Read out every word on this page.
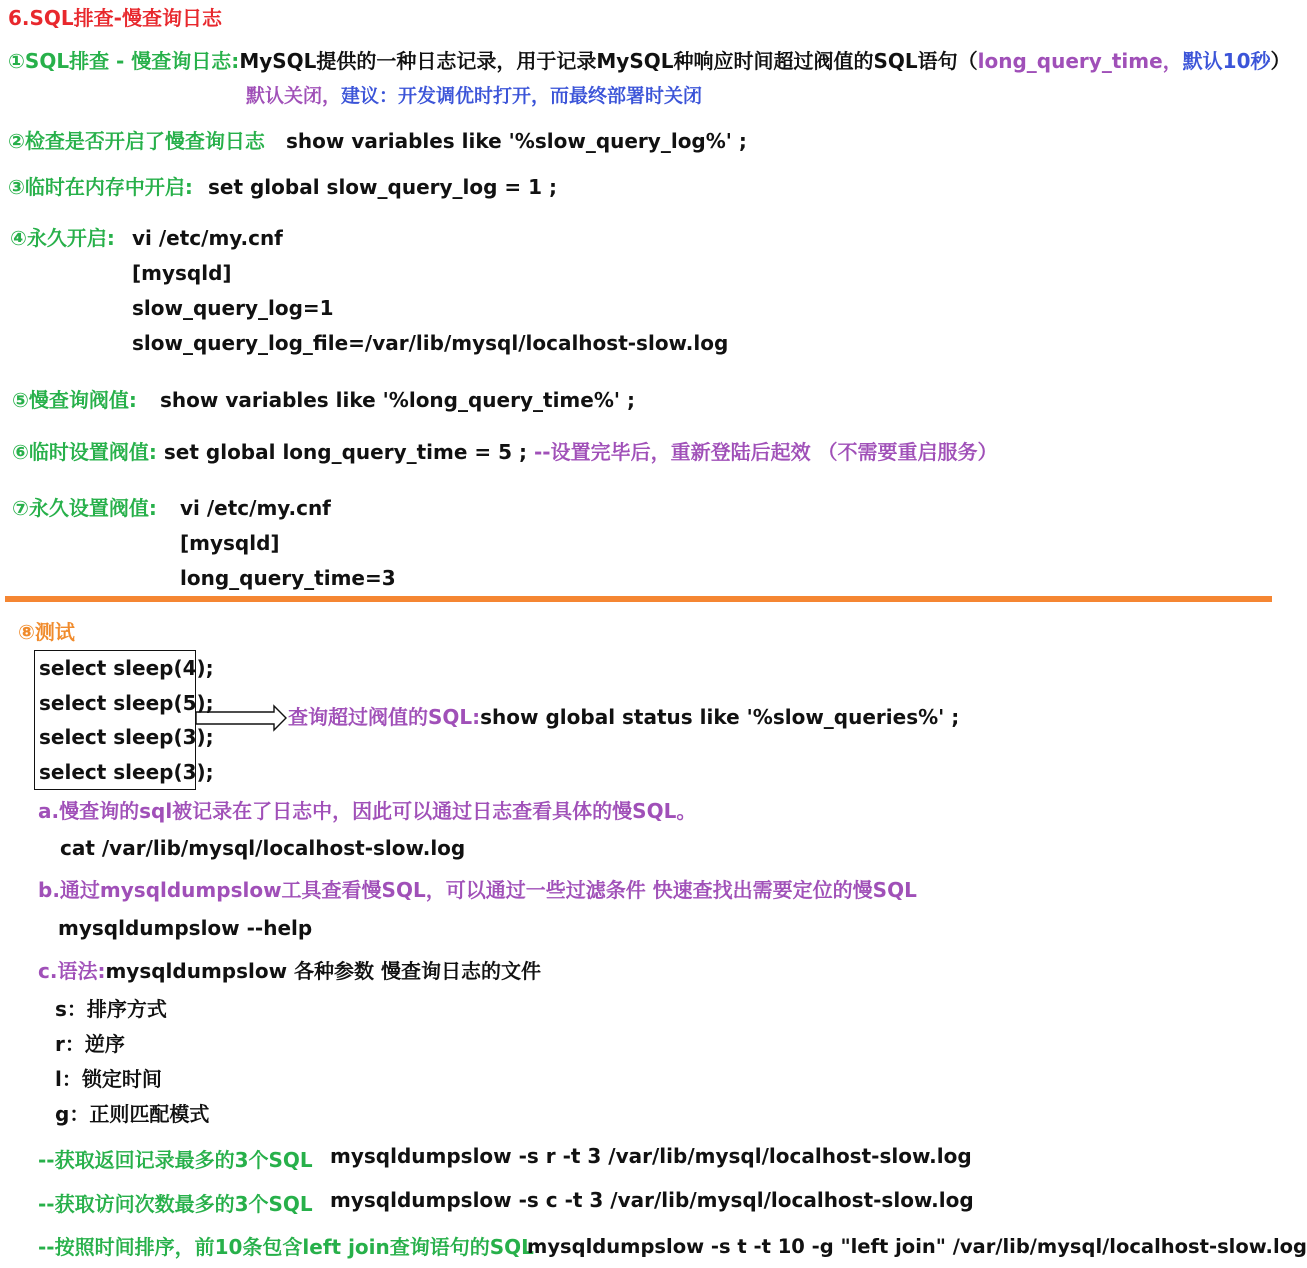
6.SQL排查-慢查询日志
①SQL排查 - 慢查询日志:MySQL提供的一种日志记录，用于记录MySQL种响应时间超过阀值的SQL语句（long_query_time，默认10秒）
默认关闭，建议：开发调优时打开，而最终部署时关闭
②检查是否开启了慢查询日志 show variables like '%slow_query_log%' ;
③临时在内存中开启: set global slow_query_log = 1 ;
④永久开启: vi /etc/my.cnf
[mysqld]
slow_query_log=1
slow_query_log_file=/var/lib/mysql/localhost-slow.log
⑤慢查询阀值: show variables like '%long_query_time%' ;
⑥临时设置阀值: set global long_query_time = 5 ; --设置完毕后，重新登陆后起效 （不需要重启服务）
⑦永久设置阀值: vi /etc/my.cnf
[mysqld]
long_query_time=3
⑧测试
select sleep(4);
select sleep(5);
select sleep(3);
select sleep(3);
查询超过阀值的SQL:show global status like '%slow_queries%' ;
a.慢查询的sql被记录在了日志中，因此可以通过日志查看具体的慢SQL。
cat /var/lib/mysql/localhost-slow.log
b.通过mysqldumpslow工具查看慢SQL，可以通过一些过滤条件 快速查找出需要定位的慢SQL
mysqldumpslow --help
c.语法:mysqldumpslow 各种参数 慢查询日志的文件
s：排序方式
r：逆序
l：锁定时间
g：正则匹配模式
--获取返回记录最多的3个SQL mysqldumpslow -s r -t 3 /var/lib/mysql/localhost-slow.log
--获取访问次数最多的3个SQL mysqldumpslow -s c -t 3 /var/lib/mysql/localhost-slow.log
--按照时间排序，前10条包含left join查询语句的SQL
mysqldumpslow -s t -t 10 -g "left join" /var/lib/mysql/localhost-slow.log
